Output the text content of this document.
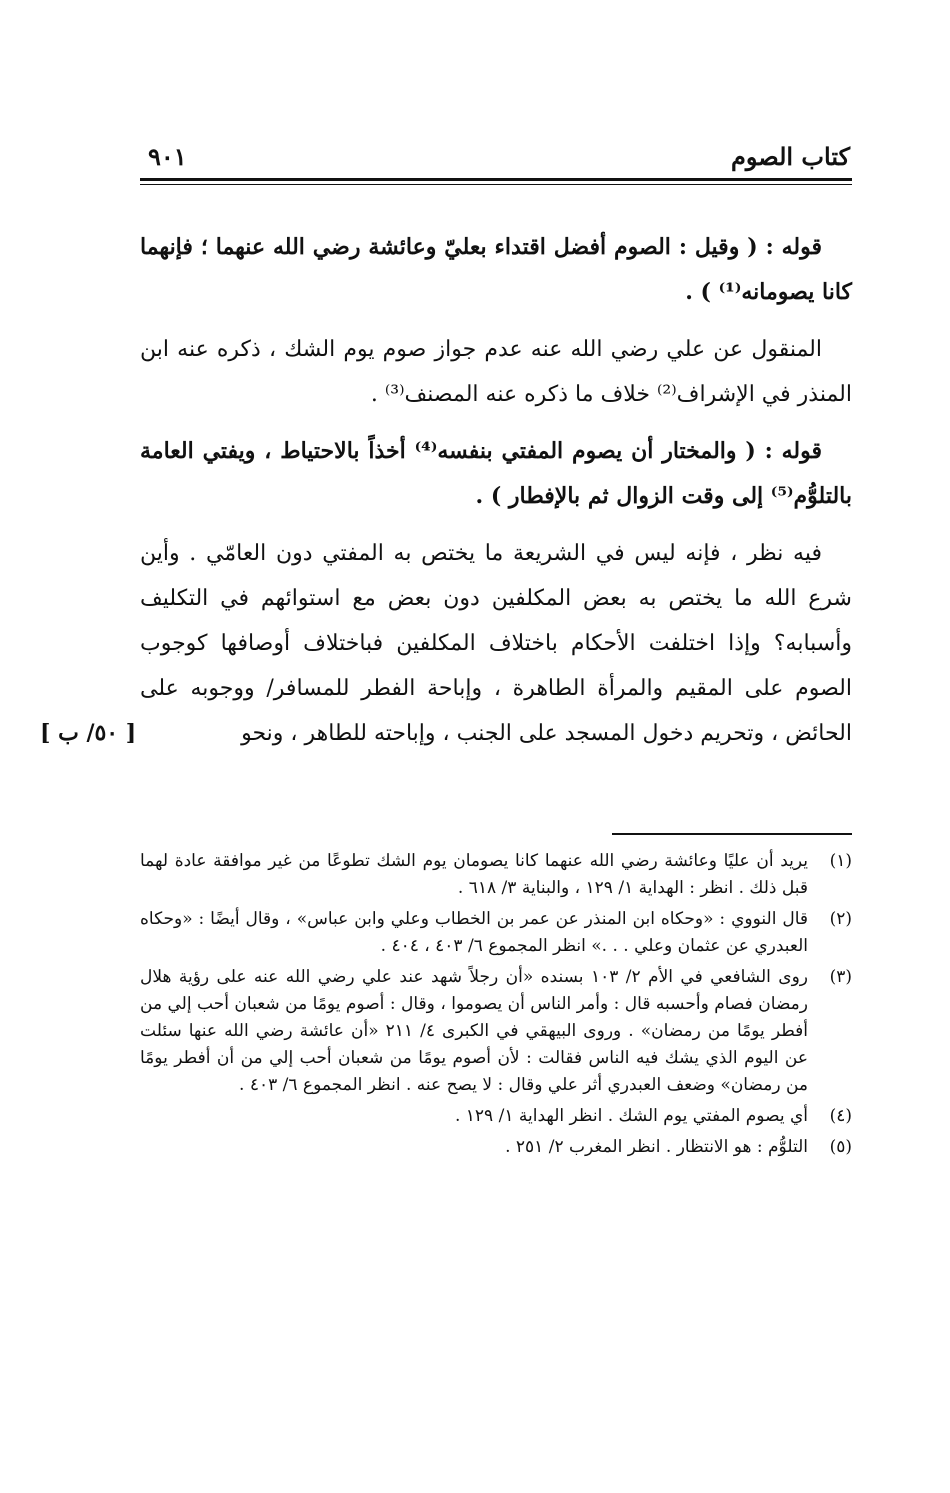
كتاب الصوم
٩٠١

قوله : ( وقيل : الصوم أفضل اقتداء بعليّ وعائشة رضي الله عنهما ؛ فإنهما كانا يصومانه⁽¹⁾ ) .

المنقول عن علي رضي الله عنه عدم جواز صوم يوم الشك ، ذكره عنه ابن المنذر في الإشراف⁽²⁾ خلاف ما ذكره عنه المصنف⁽³⁾ .

قوله : ( والمختار أن يصوم المفتي بنفسه⁽⁴⁾ أخذاً بالاحتياط ، ويفتي العامة بالتلوُّم⁽⁵⁾ إلى وقت الزوال ثم بالإفطار ) .

فيه نظر ، فإنه ليس في الشريعة ما يختص به المفتي دون العامّي . وأين شرع الله ما يختص به بعض المكلفين دون بعض مع استوائهم في التكليف وأسبابه؟ وإذا اختلفت الأحكام باختلاف المكلفين فباختلاف أوصافها كوجوب الصوم على المقيم والمرأة الطاهرة ، وإباحة الفطر للمسافر/ ووجوبه على الحائض ، وتحريم دخول المسجد على الجنب ، وإباحته للطاهر ، ونحو

[ ٥٠/ ب ]
(١)
يريد أن عليًا وعائشة رضي الله عنهما كانا يصومان يوم الشك تطوعًا من غير موافقة عادة لهما قبل ذلك . انظر : الهداية ١/ ١٢٩ ، والبناية ٣/ ٦١٨ .
(٢)
قال النووي : «وحكاه ابن المنذر عن عمر بن الخطاب وعلي وابن عباس» ، وقال أيضًا : «وحكاه العبدري عن عثمان وعلي . . .» انظر المجموع ٦/ ٤٠٣ ، ٤٠٤ .
(٣)
روى الشافعي في الأم ٢/ ١٠٣ بسنده «أن رجلاً شهد عند علي رضي الله عنه على رؤية هلال رمضان فصام وأحسبه قال : وأمر الناس أن يصوموا ، وقال : أصوم يومًا من شعبان أحب إلي من أفطر يومًا من رمضان» . وروى البيهقي في الكبرى ٤/ ٢١١ «أن عائشة رضي الله عنها سئلت عن اليوم الذي يشك فيه الناس فقالت : لأن أصوم يومًا من شعبان أحب إلي من أن أفطر يومًا من رمضان» وضعف العبدري أثر علي وقال : لا يصح عنه . انظر المجموع ٦/ ٤٠٣ .
(٤)
أي يصوم المفتي يوم الشك . انظر الهداية ١/ ١٢٩ .
(٥)
التلوُّم : هو الانتظار . انظر المغرب ٢/ ٢٥١ .
